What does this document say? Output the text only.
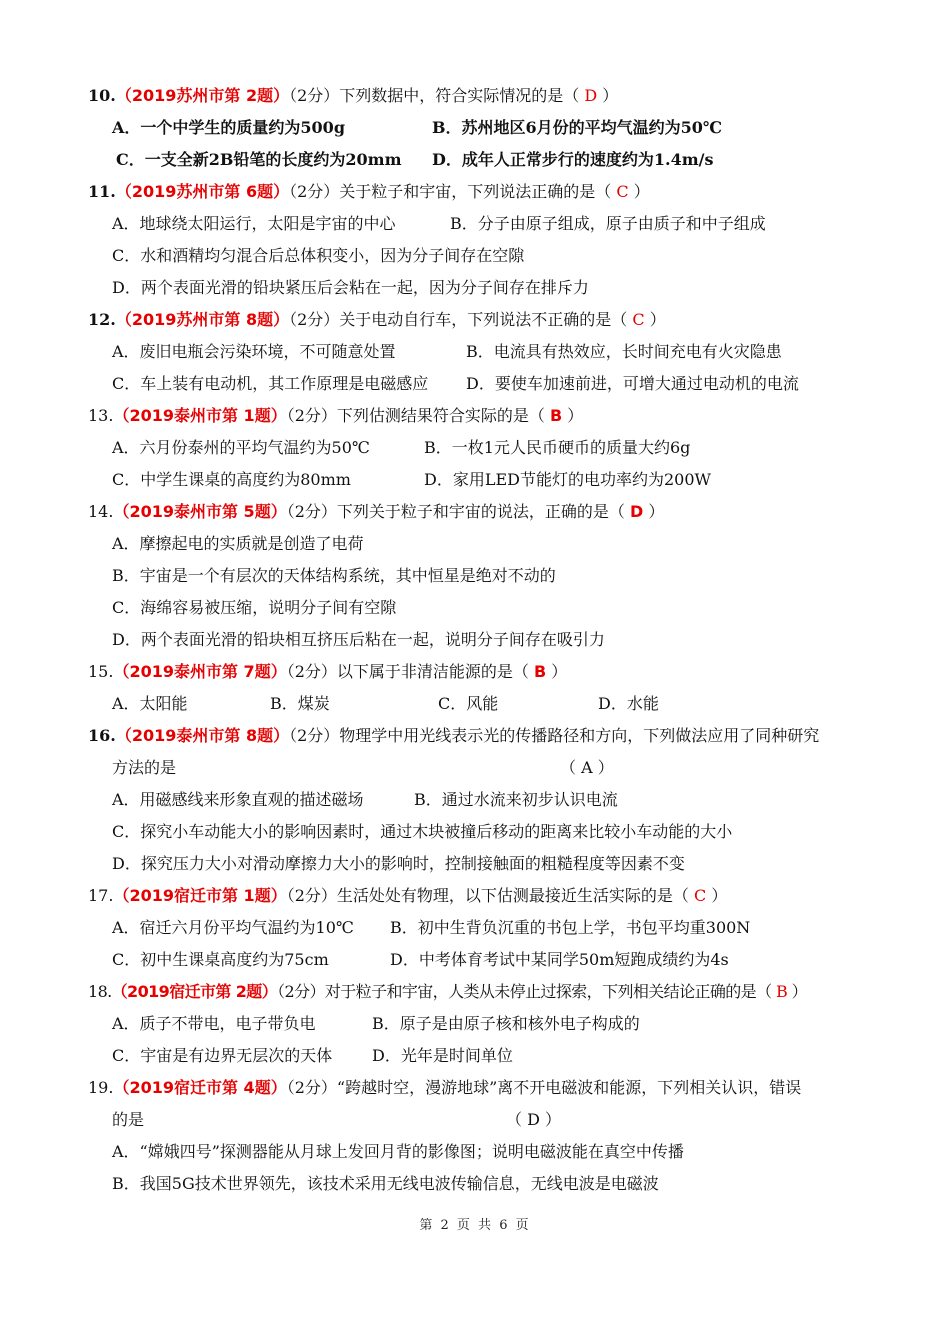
10.（2019苏州市第 2题）（2分）下列数据中，符合实际情况的是（ D ）
A．一个中学生的质量约为500g	B．苏州地区6月份的平均气温约为50℃
C．一支全新2B铅笔的长度约为20mm D．成年人正常步行的速度约为1.4m/s
11.（2019苏州市第 6题）（2分）关于粒子和宇宙，下列说法正确的是（ C ）
A．地球绕太阳运行，太阳是宇宙的中心	B．分子由原子组成，原子由质子和中子组成
C．水和酒精均匀混合后总体积变小，因为分子间存在空隙
D．两个表面光滑的铅块紧压后会粘在一起，因为分子间存在排斥力
12.（2019苏州市第 8题）（2分）关于电动自行车，下列说法不正确的是（ C ）
A．废旧电瓶会污染环境，不可随意处置	B．电流具有热效应，长时间充电有火灾隐患
C．车上装有电动机，其工作原理是电磁感应 D．要使车加速前进，可增大通过电动机的电流
13.（2019泰州市第 1题）（2分）下列估测结果符合实际的是（ B ）
A．六月份泰州的平均气温约为50℃	B．一枚1元人民币硬币的质量大约6g
C．中学生课桌的高度约为80mm	D．家用LED节能灯的电功率约为200W
14.（2019泰州市第 5题）（2分）下列关于粒子和宇宙的说法，正确的是（ D ）
A．摩擦起电的实质就是创造了电荷
B．宇宙是一个有层次的天体结构系统，其中恒星是绝对不动的
C．海绵容易被压缩，说明分子间有空隙
D．两个表面光滑的铅块相互挤压后粘在一起，说明分子间存在吸引力
15.（2019泰州市第 7题）（2分）以下属于非清洁能源的是（ B ）
A．太阳能	B．煤炭	C．风能	D．水能
16.（2019泰州市第 8题）（2分）物理学中用光线表示光的传播路径和方向，下列做法应用了同种研究
方法的是	（ A ）
A．用磁感线来形象直观的描述磁场	B．通过水流来初步认识电流
C．探究小车动能大小的影响因素时，通过木块被撞后移动的距离来比较小车动能的大小
D．探究压力大小对滑动摩擦力大小的影响时，控制接触面的粗糙程度等因素不变
17.（2019宿迁市第 1题）（2分）生活处处有物理，以下估测最接近生活实际的是（ C ）
A．宿迁六月份平均气温约为10℃ B．初中生背负沉重的书包上学，书包平均重300N
C．初中生课桌高度约为75cm	D．中考体育考试中某同学50m短跑成绩约为4s
18.（2019宿迁市第 2题）（2分）对于粒子和宇宙，人类从未停止过探索，下列相关结论正确的是（ B ）
A．质子不带电，电子带负电	B．原子是由原子核和核外电子构成的
C．宇宙是有边界无层次的天体 D．光年是时间单位
19.（2019宿迁市第 4题）（2分）“跨越时空，漫游地球”离不开电磁波和能源，下列相关认识，错误
的是	（ D ）
A．“嫦娥四号”探测器能从月球上发回月背的影像图；说明电磁波能在真空中传播
B．我国5G技术世界领先，该技术采用无线电波传输信息，无线电波是电磁波
第 2 页 共 6 页
